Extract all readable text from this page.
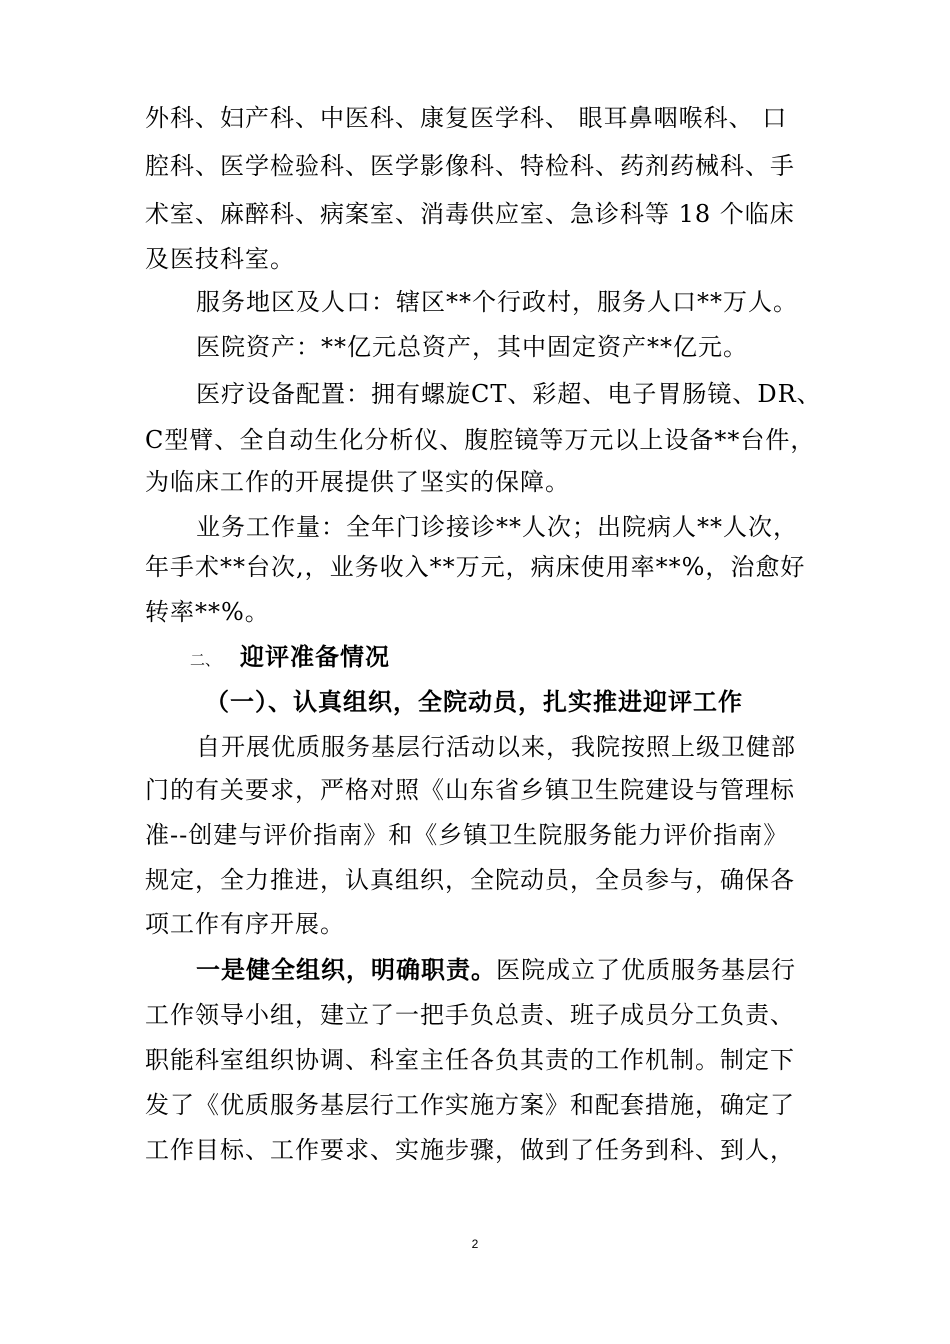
外科、妇产科、中医科、康复医学科、 眼耳鼻咽喉科、 口
腔科、医学检验科、医学影像科、特检科、药剂药械科、手
术室、麻醉科、病案室、消毒供应室、急诊科等 18 个临床
及医技科室。
服务地区及人口：辖区**个行政村，服务人口**万人。
医院资产：**亿元总资产，其中固定资产**亿元。
医疗设备配置：拥有螺旋CT、彩超、电子胃肠镜、DR、
C型臂、全自动生化分析仪、腹腔镜等万元以上设备**台件，
为临床工作的开展提供了坚实的保障。
业务工作量：全年门诊接诊**人次；出院病人**人次，
年手术**台次,，业务收入**万元，病床使用率**%，治愈好
转率**%。
二、 迎评准备情况
（一）、认真组织，全院动员，扎实推进迎评工作
自开展优质服务基层行活动以来，我院按照上级卫健部
门的有关要求，严格对照《山东省乡镇卫生院建设与管理标
准--创建与评价指南》和《乡镇卫生院服务能力评价指南》
规定，全力推进，认真组织，全院动员，全员参与，确保各
项工作有序开展。
一是健全组织，明确职责。医院成立了优质服务基层行
工作领导小组，建立了一把手负总责、班子成员分工负责、
职能科室组织协调、科室主任各负其责的工作机制。制定下
发了《优质服务基层行工作实施方案》和配套措施，确定了
工作目标、工作要求、实施步骤，做到了任务到科、到人，
2
